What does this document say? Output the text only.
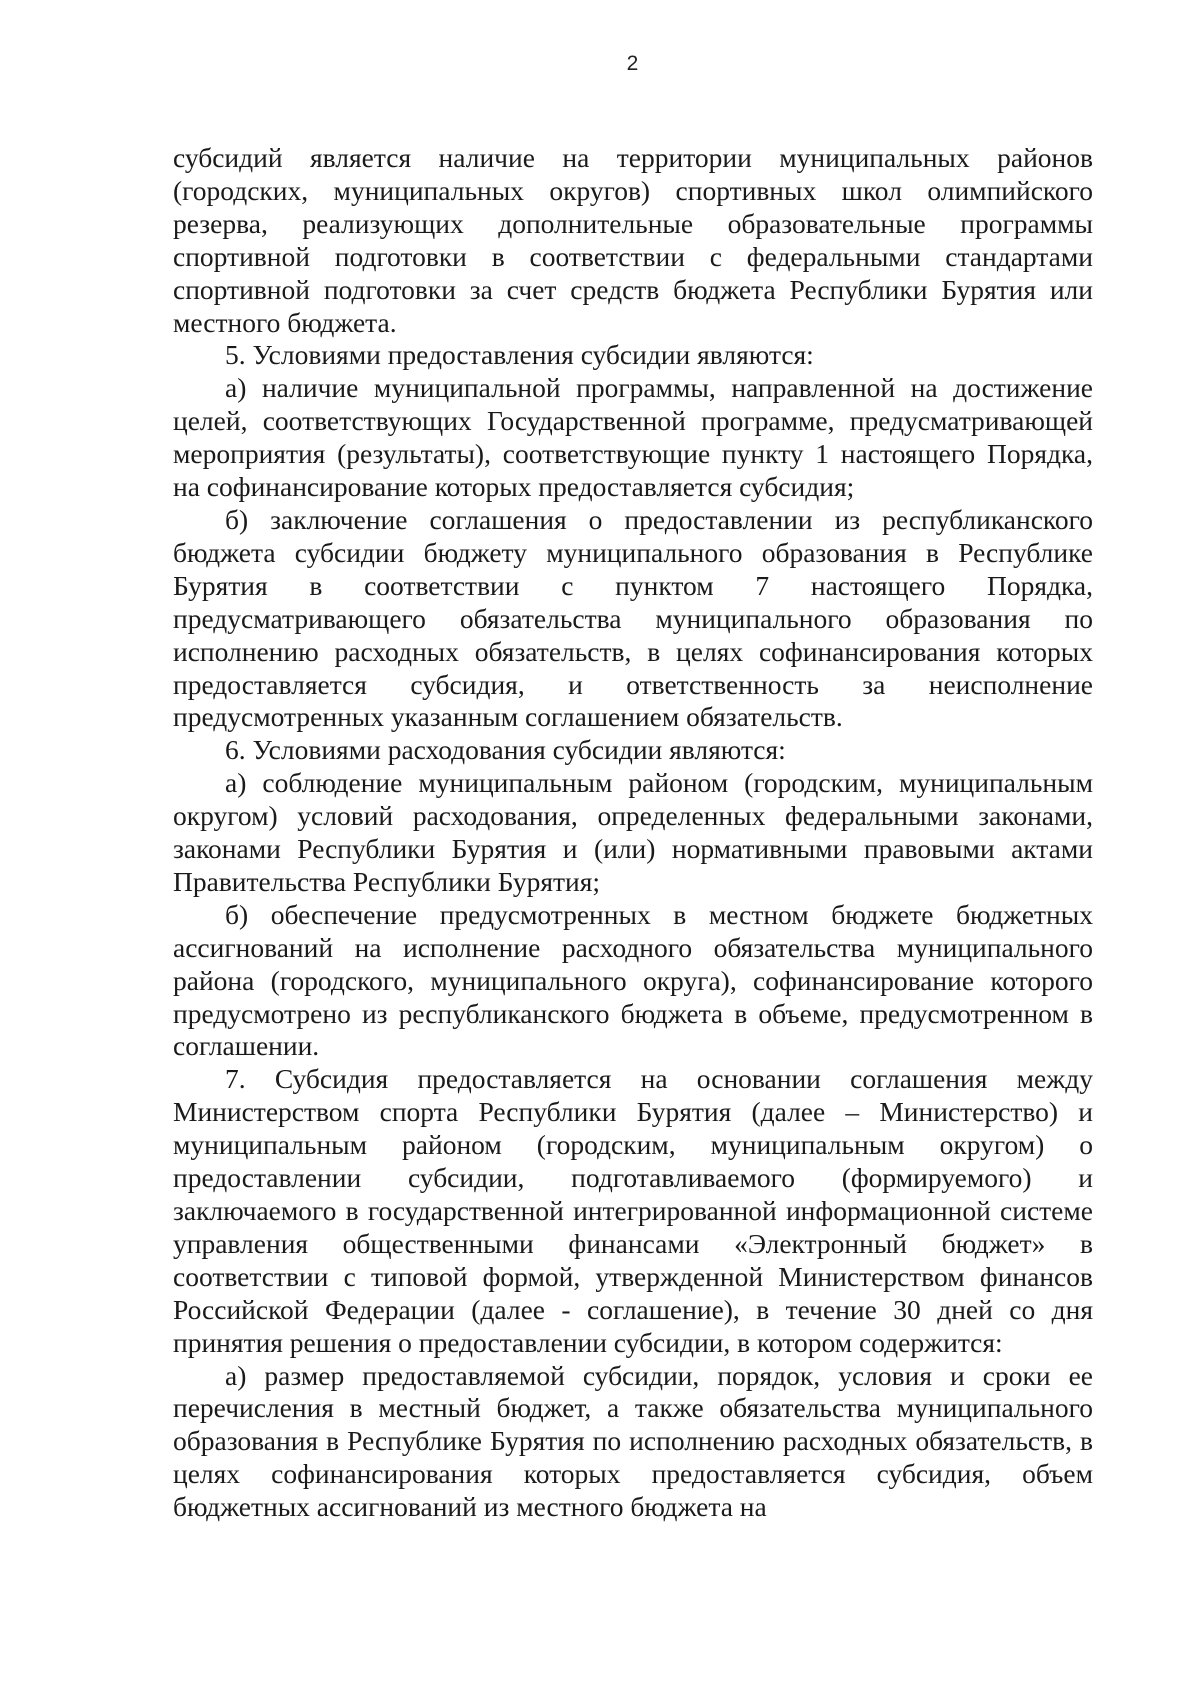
2

субсидий является наличие на территории муниципальных районов (городских, муниципальных округов) спортивных школ олимпийского резерва, реализующих дополнительные образовательные программы спортивной подготовки в соответствии с федеральными стандартами спортивной подготовки за счет средств бюджета Республики Бурятия или местного бюджета.

5. Условиями предоставления субсидии являются:

а) наличие муниципальной программы, направленной на достижение целей, соответствующих Государственной программе, предусматривающей мероприятия (результаты), соответствующие пункту 1 настоящего Порядка, на софинансирование которых предоставляется субсидия;

б) заключение соглашения о предоставлении из республиканского бюджета субсидии бюджету муниципального образования в Республике Бурятия в соответствии с пунктом 7 настоящего Порядка, предусматривающего обязательства муниципального образования по исполнению расходных обязательств, в целях софинансирования которых предоставляется субсидия, и ответственность за неисполнение предусмотренных указанным соглашением обязательств.

6. Условиями расходования субсидии являются:

а) соблюдение муниципальным районом (городским, муниципальным округом) условий расходования, определенных федеральными законами, законами Республики Бурятия и (или) нормативными правовыми актами Правительства Республики Бурятия;

б) обеспечение предусмотренных в местном бюджете бюджетных ассигнований на исполнение расходного обязательства муниципального района (городского, муниципального округа), софинансирование которого предусмотрено из республиканского бюджета в объеме, предусмотренном в соглашении.

7. Субсидия предоставляется на основании соглашения между Министерством спорта Республики Бурятия (далее – Министерство) и муниципальным районом (городским, муниципальным округом) о предоставлении субсидии, подготавливаемого (формируемого) и заключаемого в государственной интегрированной информационной системе управления общественными финансами «Электронный бюджет» в соответствии с типовой формой, утвержденной Министерством финансов Российской Федерации (далее - соглашение), в течение 30 дней со дня принятия решения о предоставлении субсидии, в котором содержится:

а) размер предоставляемой субсидии, порядок, условия и сроки ее перечисления в местный бюджет, а также обязательства муниципального образования в Республике Бурятия по исполнению расходных обязательств, в целях софинансирования которых предоставляется субсидия, объем бюджетных ассигнований из местного бюджета на
